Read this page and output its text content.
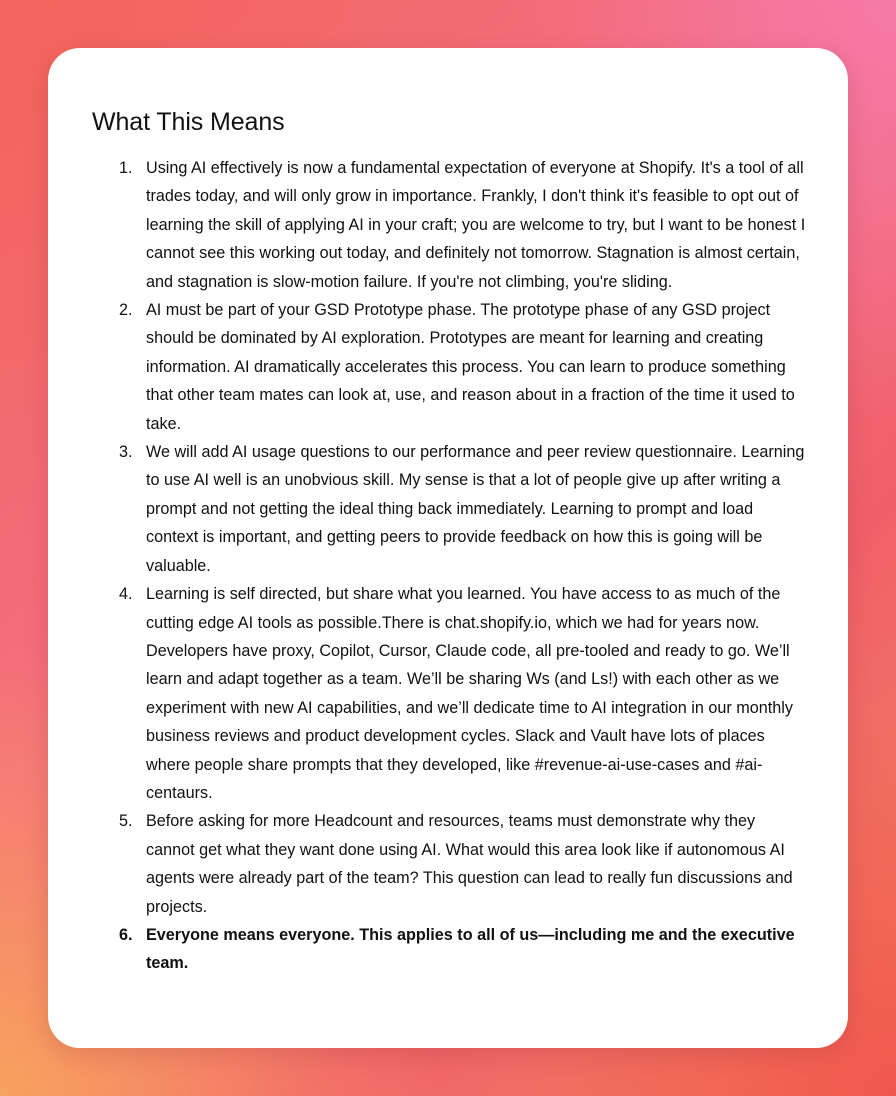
What This Means
1. Using AI effectively is now a fundamental expectation of everyone at Shopify. It's a tool of all trades today, and will only grow in importance. Frankly, I don't think it's feasible to opt out of learning the skill of applying AI in your craft; you are welcome to try, but I want to be honest I cannot see this working out today, and definitely not tomorrow. Stagnation is almost certain, and stagnation is slow-motion failure. If you're not climbing, you're sliding.
2. AI must be part of your GSD Prototype phase. The prototype phase of any GSD project should be dominated by AI exploration. Prototypes are meant for learning and creating information. AI dramatically accelerates this process. You can learn to produce something that other team mates can look at, use, and reason about in a fraction of the time it used to take.
3. We will add AI usage questions to our performance and peer review questionnaire. Learning to use AI well is an unobvious skill. My sense is that a lot of people give up after writing a prompt and not getting the ideal thing back immediately. Learning to prompt and load context is important, and getting peers to provide feedback on how this is going will be valuable.
4. Learning is self directed, but share what you learned. You have access to as much of the cutting edge AI tools as possible.There is chat.shopify.io, which we had for years now. Developers have proxy, Copilot, Cursor, Claude code, all pre-tooled and ready to go. We’ll learn and adapt together as a team. We’ll be sharing Ws (and Ls!) with each other as we experiment with new AI capabilities, and we’ll dedicate time to AI integration in our monthly business reviews and product development cycles. Slack and Vault have lots of places where people share prompts that they developed, like #revenue-ai-use-cases and #ai-centaurs.
5. Before asking for more Headcount and resources, teams must demonstrate why they cannot get what they want done using AI. What would this area look like if autonomous AI agents were already part of the team? This question can lead to really fun discussions and projects.
6. Everyone means everyone. This applies to all of us—including me and the executive team.
